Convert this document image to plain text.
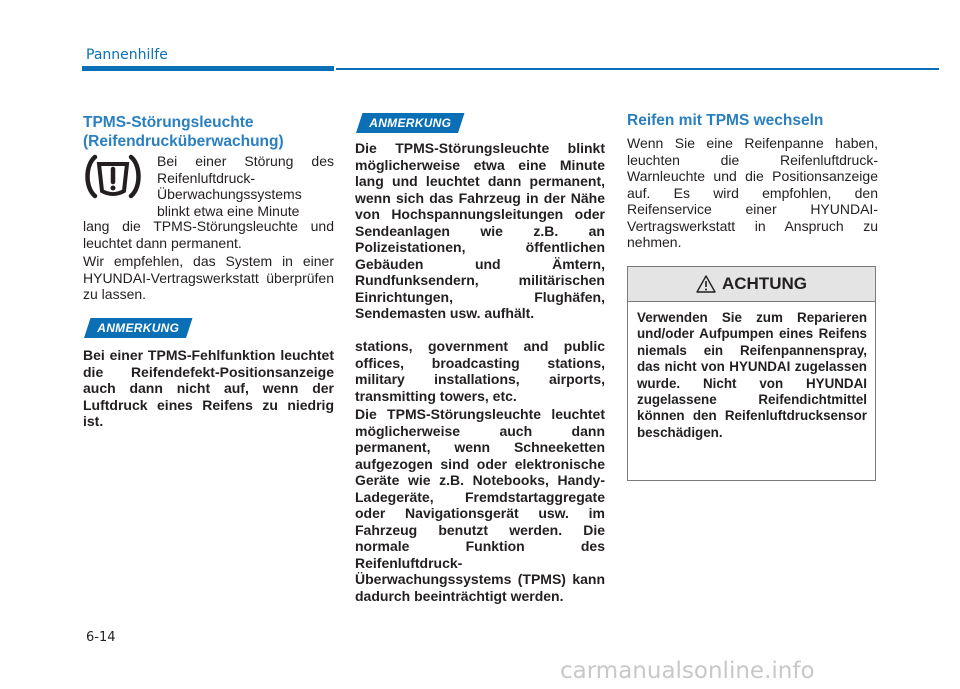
Pannenhilfe
TPMS-Störungsleuchte (Reifendrucküberwachung)

Bei einer Störung des Reifenluftdruck-Überwachungssystems blinkt etwa eine Minute

lang die TPMS-Störungsleuchte und leuchtet dann permanent.

Wir empfehlen, das System in einer HYUNDAI-Vertragswerkstatt überprüfen zu lassen.

ANMERKUNG

Bei einer TPMS-Fehlfunktion leuchtet die Reifendefekt-Positionsanzeige auch dann nicht auf, wenn der Luftdruck eines Reifens zu niedrig ist.

ANMERKUNG

Die TPMS-Störungsleuchte blinkt möglicherweise etwa eine Minute lang und leuchtet dann permanent, wenn sich das Fahrzeug in der Nähe von Hochspannungsleitungen oder Sendeanlagen wie z.B. an Polizeistationen, öffentlichen Gebäuden und Ämtern, Rundfunksendern, militärischen Einrichtungen, Flughäfen, Sendemasten usw. aufhält.

stations, government and public offices, broadcasting stations, military installations, airports, transmitting towers, etc.

Die TPMS-Störungsleuchte leuchtet möglicherweise auch dann permanent, wenn Schneeketten aufgezogen sind oder elektronische Geräte wie z.B. Notebooks, Handy-Ladegeräte, Fremdstartaggregate oder Navigationsgerät usw. im Fahrzeug benutzt werden. Die normale Funktion des Reifenluftdruck-Überwachungssystems (TPMS) kann dadurch beeinträchtigt werden.

Reifen mit TPMS wechseln

Wenn Sie eine Reifenpanne haben, leuchten die Reifenluftdruck-Warnleuchte und die Positionsanzeige auf. Es wird empfohlen, den Reifenservice einer HYUNDAI-Vertragswerkstatt in Anspruch zu nehmen.

ACHTUNG

Verwenden Sie zum Reparieren und/oder Aufpumpen eines Reifens niemals ein Reifenpannenspray, das nicht von HYUNDAI zugelassen wurde. Nicht von HYUNDAI zugelassene Reifendichtmittel können den Reifenluftdrucksensor beschädigen.

6-14
carmanualsonline.info
